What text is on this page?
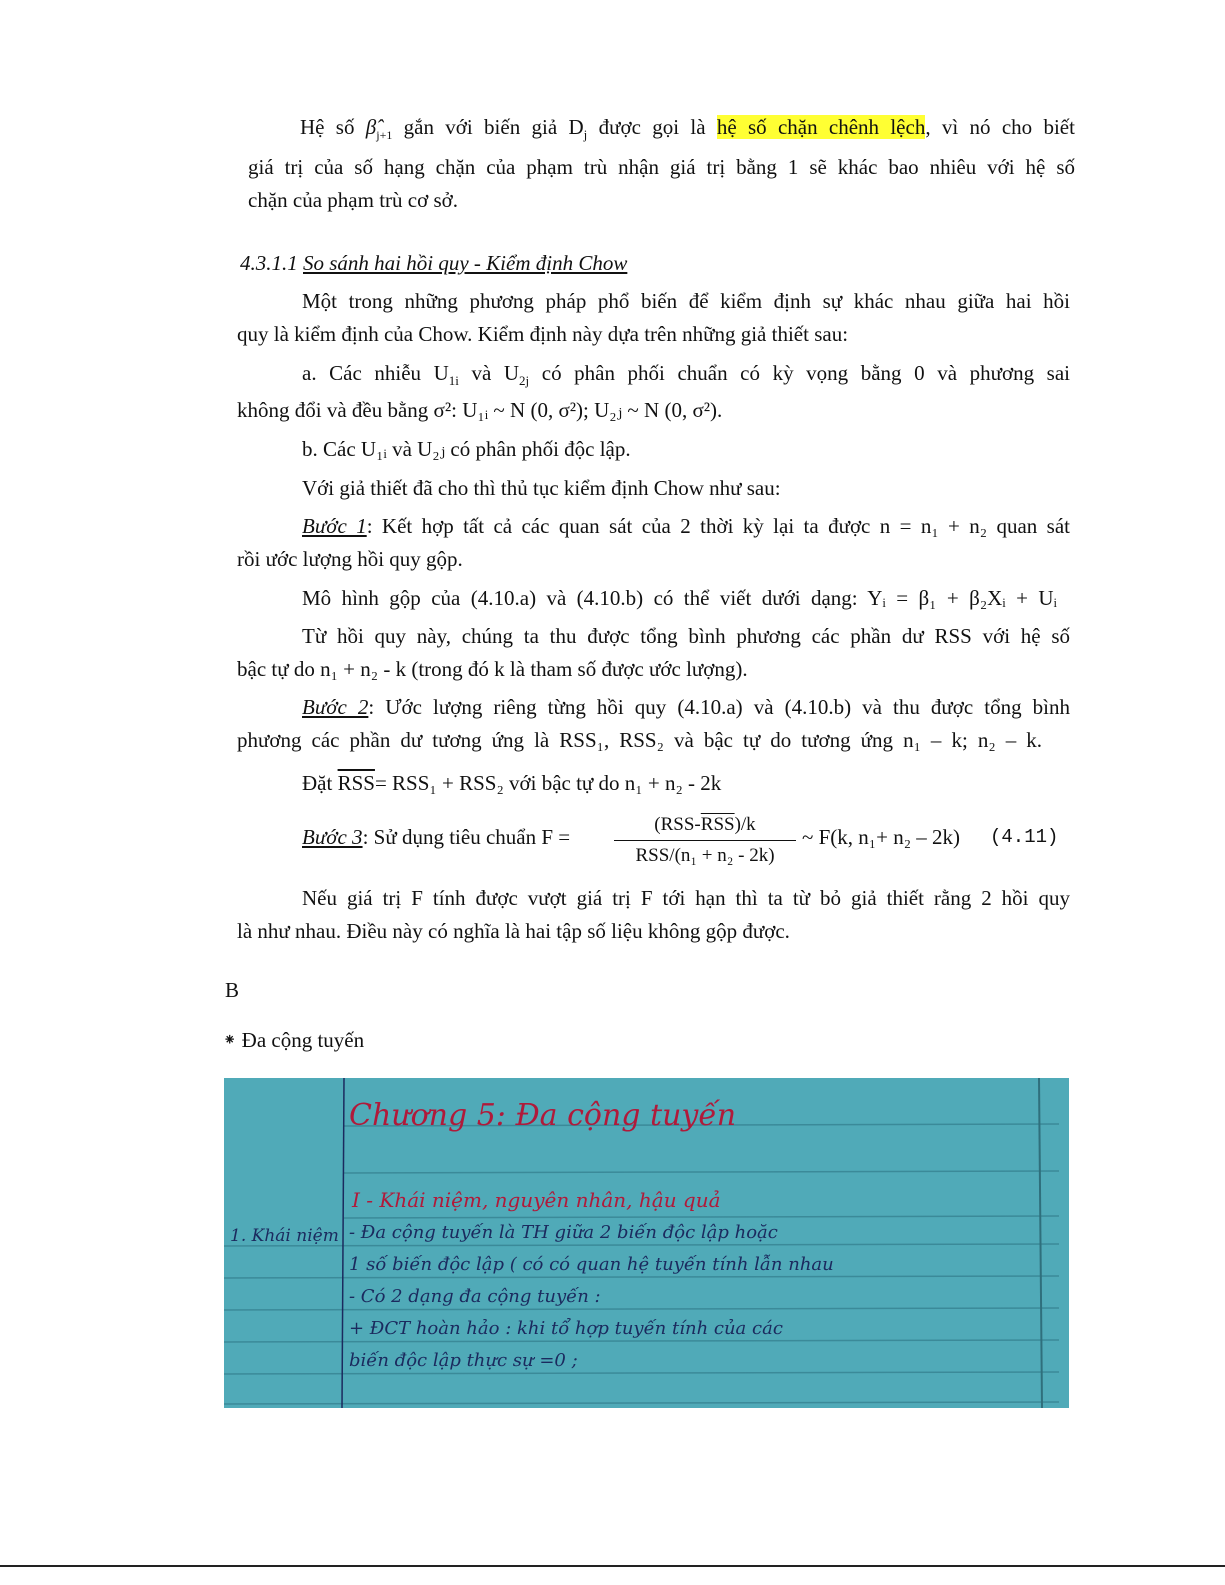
Hệ số $\betâ_{j+1}$ gắn với biến giả $D_j$ được gọi là hệ số chặn chênh lệch, vì nó cho biết

giá trị của số hạng chặn của phạm trù nhận giá trị bằng 1 sẽ khác bao nhiêu với hệ số

chặn của phạm trù cơ sở.

4.3.1.1 So sánh hai hồi quy - Kiểm định Chow

Một trong những phương pháp phổ biến để kiểm định sự khác nhau giữa hai hồi

quy là kiểm định của Chow. Kiểm định này dựa trên những giả thiết sau:

a. Các nhiễu $U_{1i}$ và $U_{2j}$ có phân phối chuẩn có kỳ vọng bằng 0 và phương sai

không đổi và đều bằng σ²: U₁ᵢ ~ N (0, σ²); U₂ⱼ ~ N (0, σ²).

b. Các U₁ᵢ và U₂ⱼ có phân phối độc lập.

Với giả thiết đã cho thì thủ tục kiểm định Chow như sau:

Bước 1: Kết hợp tất cả các quan sát của 2 thời kỳ lại ta được n = n₁ + n₂ quan sát

rồi ước lượng hồi quy gộp.

Mô hình gộp của (4.10.a) và (4.10.b) có thể viết dưới dạng: Yᵢ = β₁ + β₂Xᵢ + Uᵢ

Từ hồi quy này, chúng ta thu được tổng bình phương các phần dư RSS với hệ số

bậc tự do n₁ + n₂ - k (trong đó k là tham số được ước lượng).

Bước 2: Ước lượng riêng từng hồi quy (4.10.a) và (4.10.b) và thu được tổng bình

phương các phần dư tương ứng là RSS₁, RSS₂ và bậc tự do tương ứng n₁ – k; n₂ – k.

Đặt $\overline{RSS}= RSS_1 + RSS_2$ với bậc tự do n₁ + n₂ - 2k

Bước 3: Sử dụng tiêu chuẩn F =

$(RSS-\overline{RSS})/k$
RSS/(n₁ + n₂ - 2k)

~ F(k, n₁+ n₂ – 2k)	(4.11)

Nếu giá trị F tính được vượt giá trị F tới hạn thì ta từ bỏ giả thiết rằng 2 hồi quy

là như nhau. Điều này có nghĩa là hai tập số liệu không gộp được.

B
⁕ Đa cộng tuyến
Chương 5: Đa cộng tuyến
I - Khái niệm, nguyên nhân, hậu quả
1. Khái niệm - Đa cộng tuyến là TH giữa 2 biến độc lập hoặc
1 số biến độc lập ( có có quan hệ tuyến tính lẫn nhau
- Có 2 dạng đa cộng tuyến :
+ ĐCT hoàn hảo : khi tổ hợp tuyến tính của các
biến độc lập thực sự =0 ;
